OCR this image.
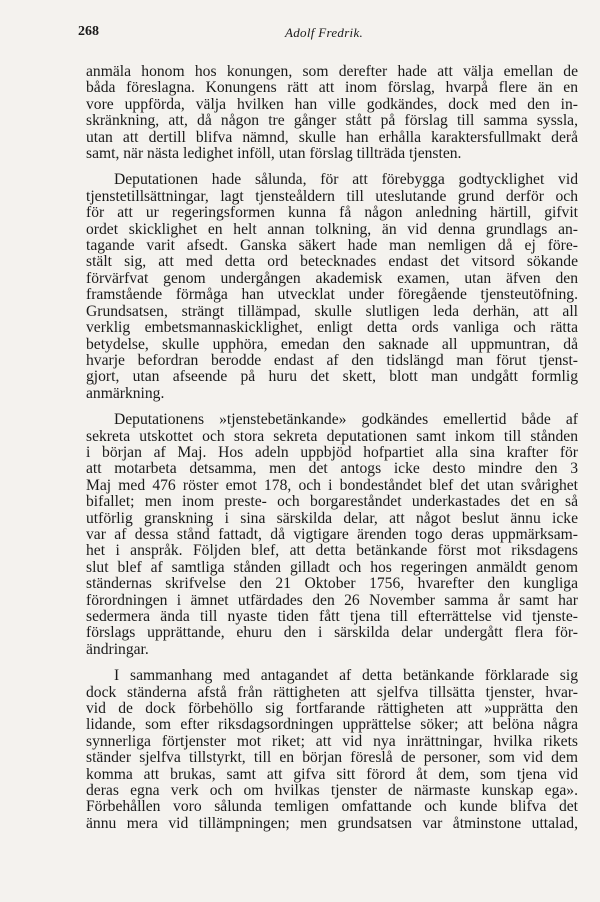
268	Adolf Fredrik.

anmäla honom hos konungen, som derefter hade att välja emellan de
båda föreslagna. Konungens rätt att inom förslag, hvarpå flere än en
vore uppförda, välja hvilken han ville godkändes, dock med den in-
skränkning, att, då någon tre gånger stått på förslag till samma syssla,
utan att dertill blifva nämnd, skulle han erhålla karaktersfullmakt derå
samt, när nästa ledighet inföll, utan förslag tillträda tjensten.

Deputationen hade sålunda, för att förebygga godtycklighet vid
tjenstetillsättningar, lagt tjensteåldern till uteslutande grund derför och
för att ur regeringsformen kunna få någon anledning härtill, gifvit
ordet skicklighet en helt annan tolkning, än vid denna grundlags an-
tagande varit afsedt. Ganska säkert hade man nemligen då ej före-
stält sig, att med detta ord betecknades endast det vitsord sökande
förvärfvat genom undergången akademisk examen, utan äfven den
framstående förmåga han utvecklat under föregående tjensteutöfning.
Grundsatsen, strängt tillämpad, skulle slutligen leda derhän, att all
verklig embetsmannaskicklighet, enligt detta ords vanliga och rätta
betydelse, skulle upphöra, emedan den saknade all uppmuntran, då
hvarje befordran berodde endast af den tidslängd man förut tjenst-
gjort, utan afseende på huru det skett, blott man undgått formlig
anmärkning.

Deputationens »tjenstebetänkande» godkändes emellertid både af
sekreta utskottet och stora sekreta deputationen samt inkom till stånden
i början af Maj. Hos adeln uppbjöd hofpartiet alla sina krafter för
att motarbeta detsamma, men det antogs icke desto mindre den 3
Maj med 476 röster emot 178, och i bondeståndet blef det utan svårighet
bifallet; men inom preste- och borgareståndet underkastades det en så
utförlig granskning i sina särskilda delar, att något beslut ännu icke
var af dessa stånd fattadt, då vigtigare ärenden togo deras uppmärksam-
het i anspråk. Följden blef, att detta betänkande först mot riksdagens
slut blef af samtliga stånden gilladt och hos regeringen anmäldt genom
ständernas skrifvelse den 21 Oktober 1756, hvarefter den kungliga
förordningen i ämnet utfärdades den 26 November samma år samt har
sedermera ända till nyaste tiden fått tjena till efterrättelse vid tjenste-
förslags upprättande, ehuru den i särskilda delar undergått flera för-
ändringar.

I sammanhang med antagandet af detta betänkande förklarade sig
dock ständerna afstå från rättigheten att sjelfva tillsätta tjenster, hvar-
vid de dock förbehöllo sig fortfarande rättigheten att »upprätta den
lidande, som efter riksdagsordningen upprättelse söker; att belöna några
synnerliga förtjenster mot riket; att vid nya inrättningar, hvilka rikets
ständer sjelfva tillstyrkt, till en början föreslå de personer, som vid dem
komma att brukas, samt att gifva sitt förord åt dem, som tjena vid
deras egna verk och om hvilkas tjenster de närmaste kunskap ega».
Förbehållen voro sålunda temligen omfattande och kunde blifva det
ännu mera vid tillämpningen; men grundsatsen var åtminstone uttalad,
